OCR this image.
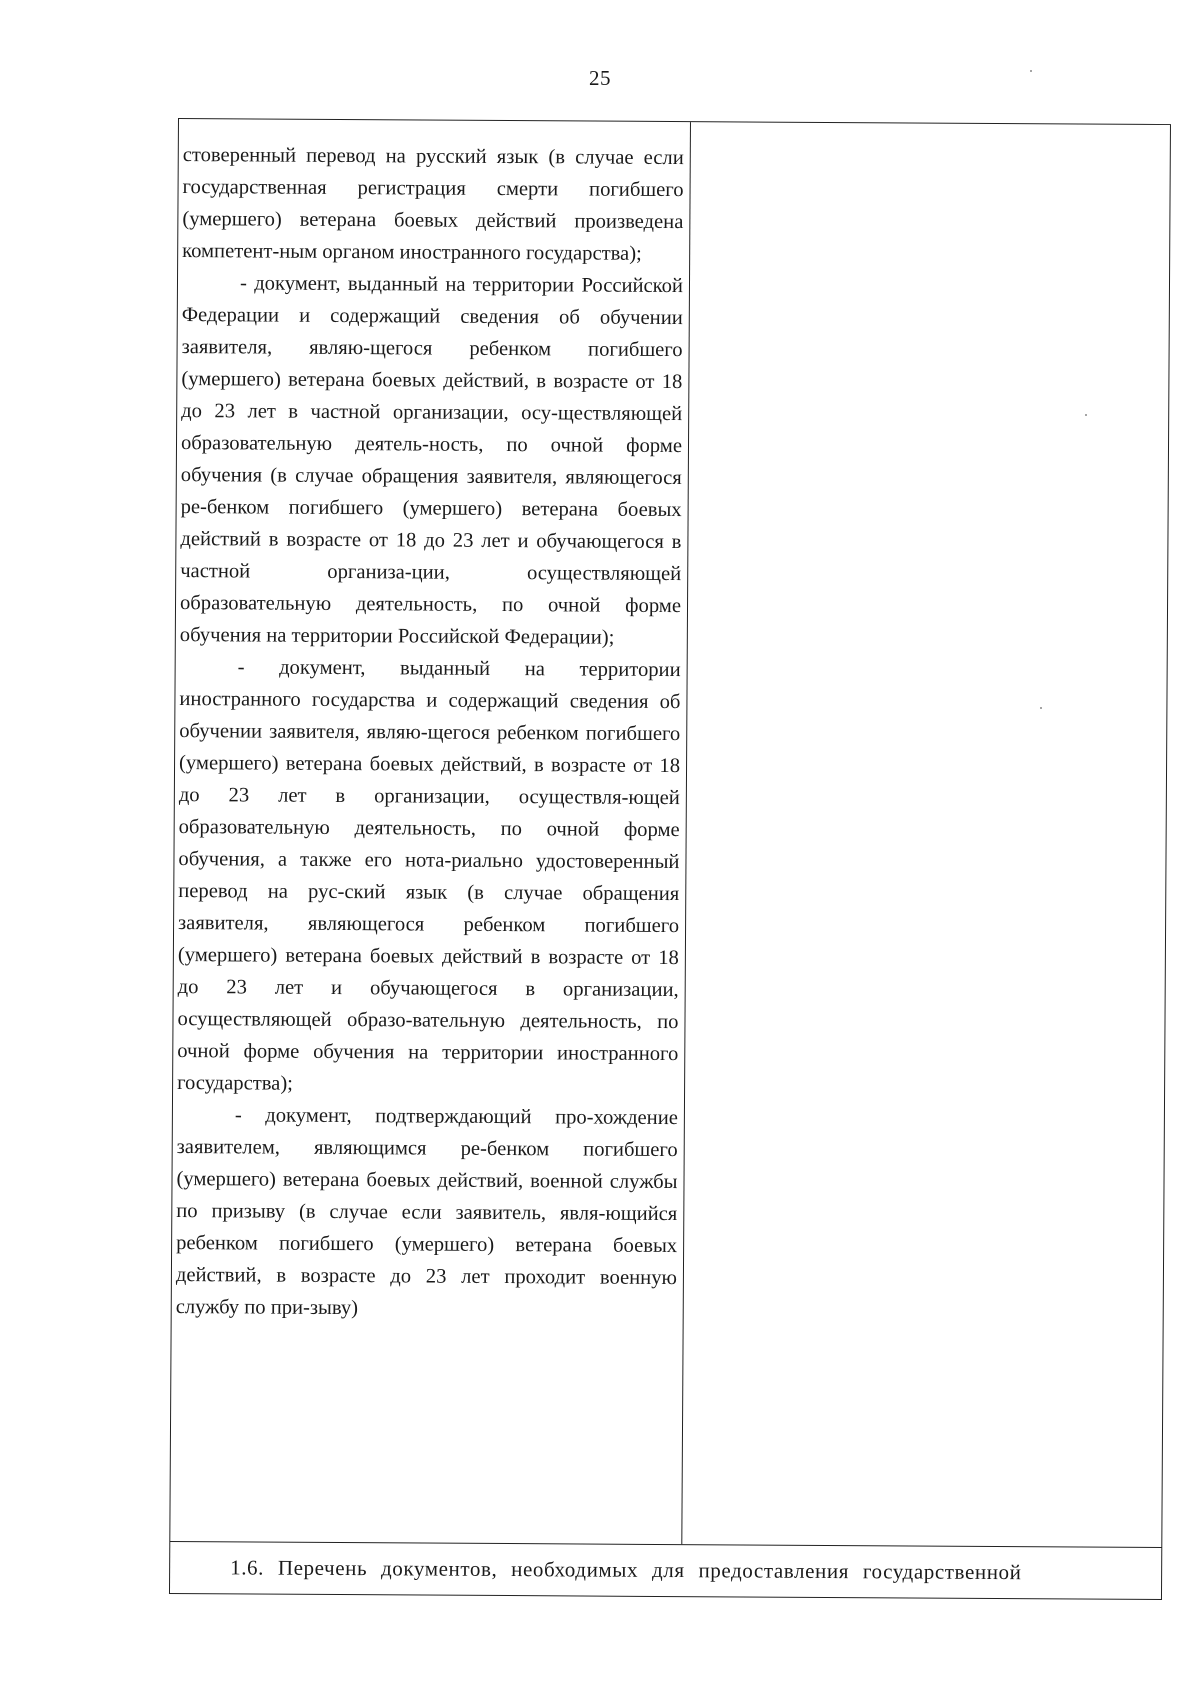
25

стоверенный перевод на русский язык (в случае если государственная регистрация смерти погибшего (умершего) ветерана боевых действий произведена компетент-ным органом иностранного государства);

- документ, выданный на территории Российской Федерации и содержащий сведения об обучении заявителя, являю-щегося ребенком погибшего (умершего) ветерана боевых действий, в возрасте от 18 до 23 лет в частной организации, осу-ществляющей образовательную деятель-ность, по очной форме обучения (в случае обращения заявителя, являющегося ре-бенком погибшего (умершего) ветерана боевых действий в возрасте от 18 до 23 лет и обучающегося в частной организа-ции, осуществляющей образовательную деятельность, по очной форме обучения на территории Российской Федерации);

- документ, выданный на территории иностранного государства и содержащий сведения об обучении заявителя, являю-щегося ребенком погибшего (умершего) ветерана боевых действий, в возрасте от 18 до 23 лет в организации, осуществля-ющей образовательную деятельность, по очной форме обучения, а также его нота-риально удостоверенный перевод на рус-ский язык (в случае обращения заявителя, являющегося ребенком погибшего (умершего) ветерана боевых действий в возрасте от 18 до 23 лет и обучающегося в организации, осуществляющей образо-вательную деятельность, по очной форме обучения на территории иностранного государства);

- документ, подтверждающий про-хождение заявителем, являющимся ре-бенком погибшего (умершего) ветерана боевых действий, военной службы по призыву (в случае если заявитель, явля-ющийся ребенком погибшего (умершего) ветерана боевых действий, в возрасте до 23 лет проходит военную службу по при-зыву)

1.6. Перечень документов, необходимых для предоставления государственной
